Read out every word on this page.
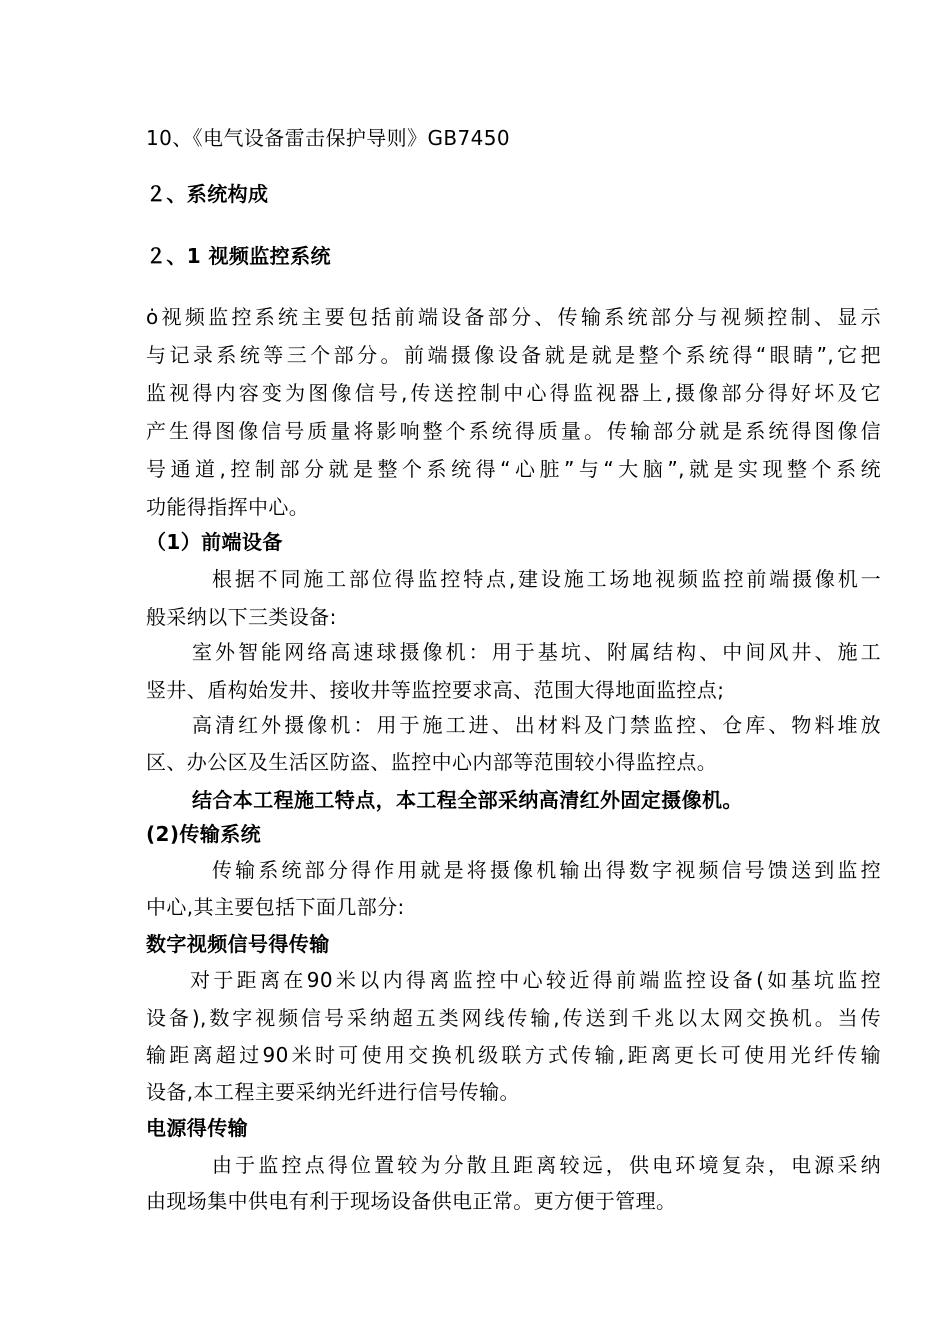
10、《电气设备雷击保护导则》GB7450
２、系统构成
２、1 视频监控系统
ȯ视频监控系统主要包括前端设备部分、传输系统部分与视频控制、显示
与记录系统等三个部分。前端摄像设备就是就是整个系统得“眼睛”,它把
监视得内容变为图像信号,传送控制中心得监视器上,摄像部分得好坏及它
产生得图像信号质量将影响整个系统得质量。传输部分就是系统得图像信
号通道,控制部分就是整个系统得“心脏”与“大脑”,就是实现整个系统
功能得指挥中心。
（1）前端设备
根据不同施工部位得监控特点,建设施工场地视频监控前端摄像机一
般采纳以下三类设备:
室外智能网络高速球摄像机：用于基坑、附属结构、中间风井、施工
竖井、盾构始发井、接收井等监控要求高、范围大得地面监控点;
高清红外摄像机：用于施工进、出材料及门禁监控、仓库、物料堆放
区、办公区及生活区防盗、监控中心内部等范围较小得监控点。
结合本工程施工特点，本工程全部采纳高清红外固定摄像机。
(2)传输系统
传输系统部分得作用就是将摄像机输出得数字视频信号馈送到监控
中心,其主要包括下面几部分:
数字视频信号得传输
对于距离在90米以内得离监控中心较近得前端监控设备(如基坑监控
设备),数字视频信号采纳超五类网线传输,传送到千兆以太网交换机。当传
输距离超过90米时可使用交换机级联方式传输,距离更长可使用光纤传输
设备,本工程主要采纳光纤进行信号传输。
电源得传输
由于监控点得位置较为分散且距离较远，供电环境复杂，电源采纳
由现场集中供电有利于现场设备供电正常。更方便于管理。
